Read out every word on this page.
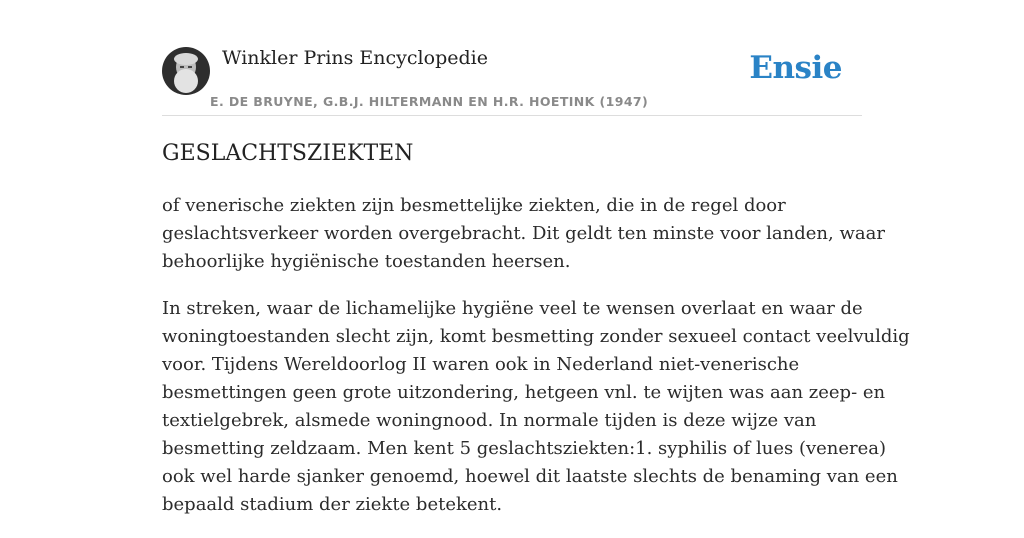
Winkler Prins Encyclopedie
E. DE BRUYNE, G.B.J. HILTERMANN EN H.R. HOETINK (1947)
Ensie
GESLACHTSZIEKTEN

of venerische ziekten zijn besmettelijke ziekten, die in de regel door
geslachtsverkeer worden overgebracht. Dit geldt ten minste voor landen, waar
behoorlijke hygiënische toestanden heersen.

In streken, waar de lichamelijke hygiëne veel te wensen overlaat en waar de
woningtoestanden slecht zijn, komt besmetting zonder sexueel contact veelvuldig
voor. Tijdens Wereldoorlog II waren ook in Nederland niet-venerische
besmettingen geen grote uitzondering, hetgeen vnl. te wijten was aan zeep- en
textielgebrek, alsmede woningnood. In normale tijden is deze wijze van
besmetting zeldzaam. Men kent 5 geslachtsziekten:1. syphilis of lues (venerea)
ook wel harde sjanker genoemd, hoewel dit laatste slechts de benaming van een
bepaald stadium der ziekte betekent.
